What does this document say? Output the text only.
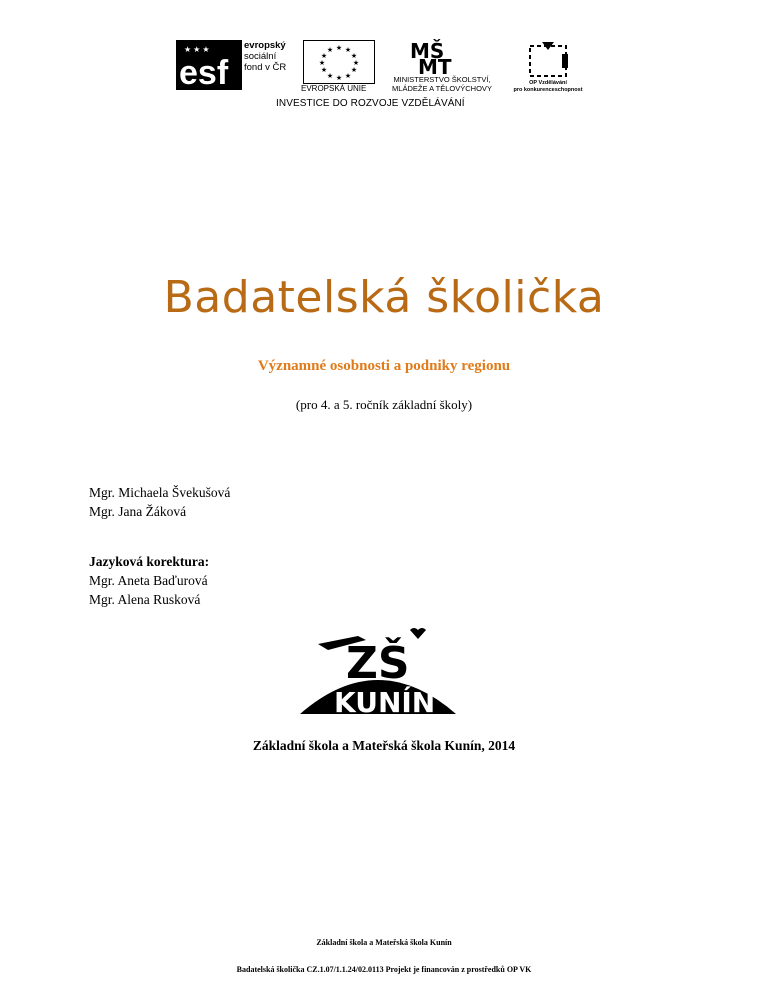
esf
★ ★ ★	evropský
sociální
fond v ČR
★ ★
★
★
★
★
★
★
★
★
★
★
EVROPSKÁ UNIE
MŠ
MT
MINISTERSTVO ŠKOLSTVÍ,
MLÁDEŽE A TĚLOVÝCHOVY
OP Vzdělávání
pro konkurenceschopnost
INVESTICE DO ROZVOJE VZDĚLÁVÁNÍ
Badatelská školička
Významné osobnosti a podniky regionu
(pro 4. a 5. ročník základní školy)
Mgr. Michaela Švekušová
Mgr. Jana Žáková
Jazyková korektura:
Mgr. Aneta Baďurová
Mgr. Alena Rusková
ZŠ
KUNÍN
Základní škola a Mateřská škola Kunín, 2014
Základní škola a Mateřská škola Kunín
Badatelská školička CZ.1.07/1.1.24/02.0113 Projekt je financován z prostředků OP VK
